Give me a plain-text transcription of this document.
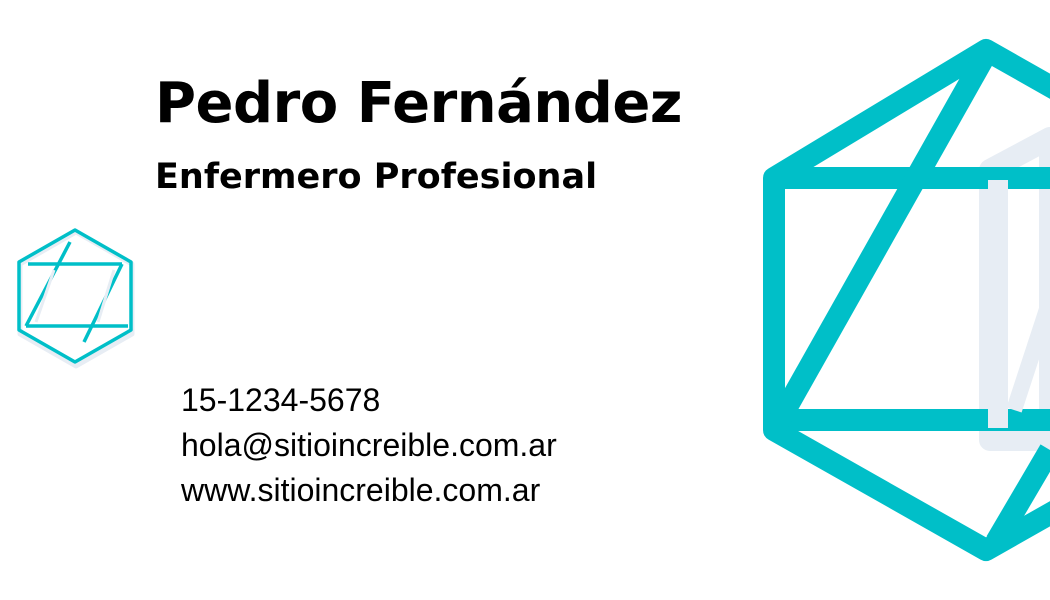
Pedro Fernández
Enfermero Profesional
15-1234-5678
hola@sitioincreible.com.ar
www.sitioincreible.com.ar
